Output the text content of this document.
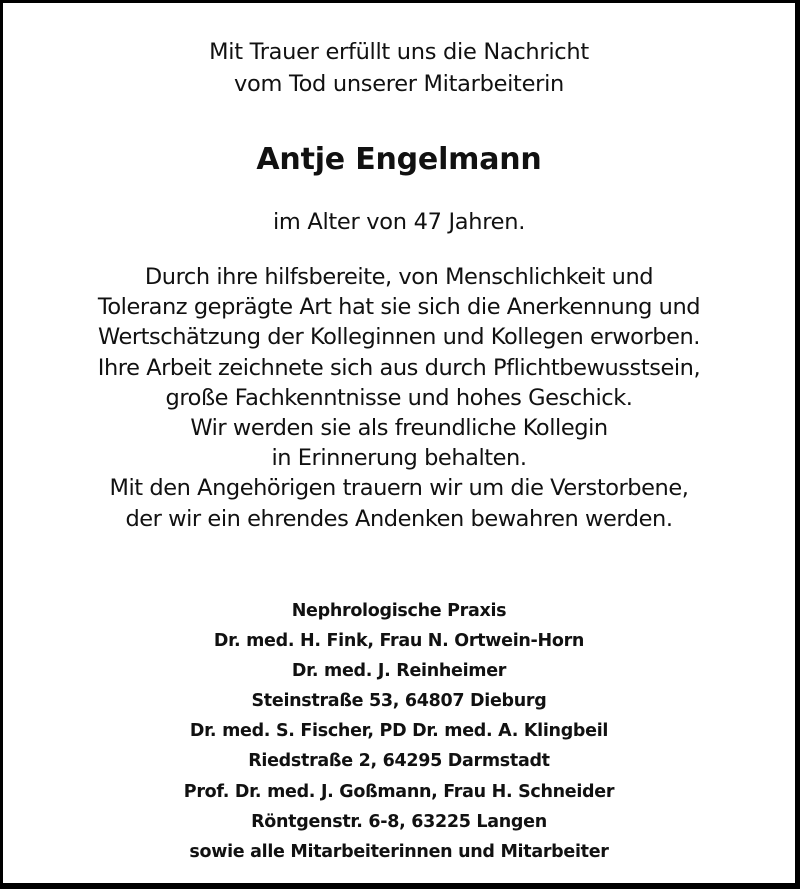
Mit Trauer erfüllt uns die Nachricht
vom Tod unserer Mitarbeiterin
Antje Engelmann
im Alter von 47 Jahren.
Durch ihre hilfsbereite, von Menschlichkeit und
Toleranz geprägte Art hat sie sich die Anerkennung und
Wertschätzung der Kolleginnen und Kollegen erworben.
Ihre Arbeit zeichnete sich aus durch Pflichtbewusstsein,
große Fachkenntnisse und hohes Geschick.
Wir werden sie als freundliche Kollegin
in Erinnerung behalten.
Mit den Angehörigen trauern wir um die Verstorbene,
der wir ein ehrendes Andenken bewahren werden.
Nephrologische Praxis
Dr. med. H. Fink, Frau N. Ortwein-Horn
Dr. med. J. Reinheimer
Steinstraße 53, 64807 Dieburg
Dr. med. S. Fischer, PD Dr. med. A. Klingbeil
Riedstraße 2, 64295 Darmstadt
Prof. Dr. med. J. Goßmann, Frau H. Schneider
Röntgenstr. 6-8, 63225 Langen
sowie alle Mitarbeiterinnen und Mitarbeiter
